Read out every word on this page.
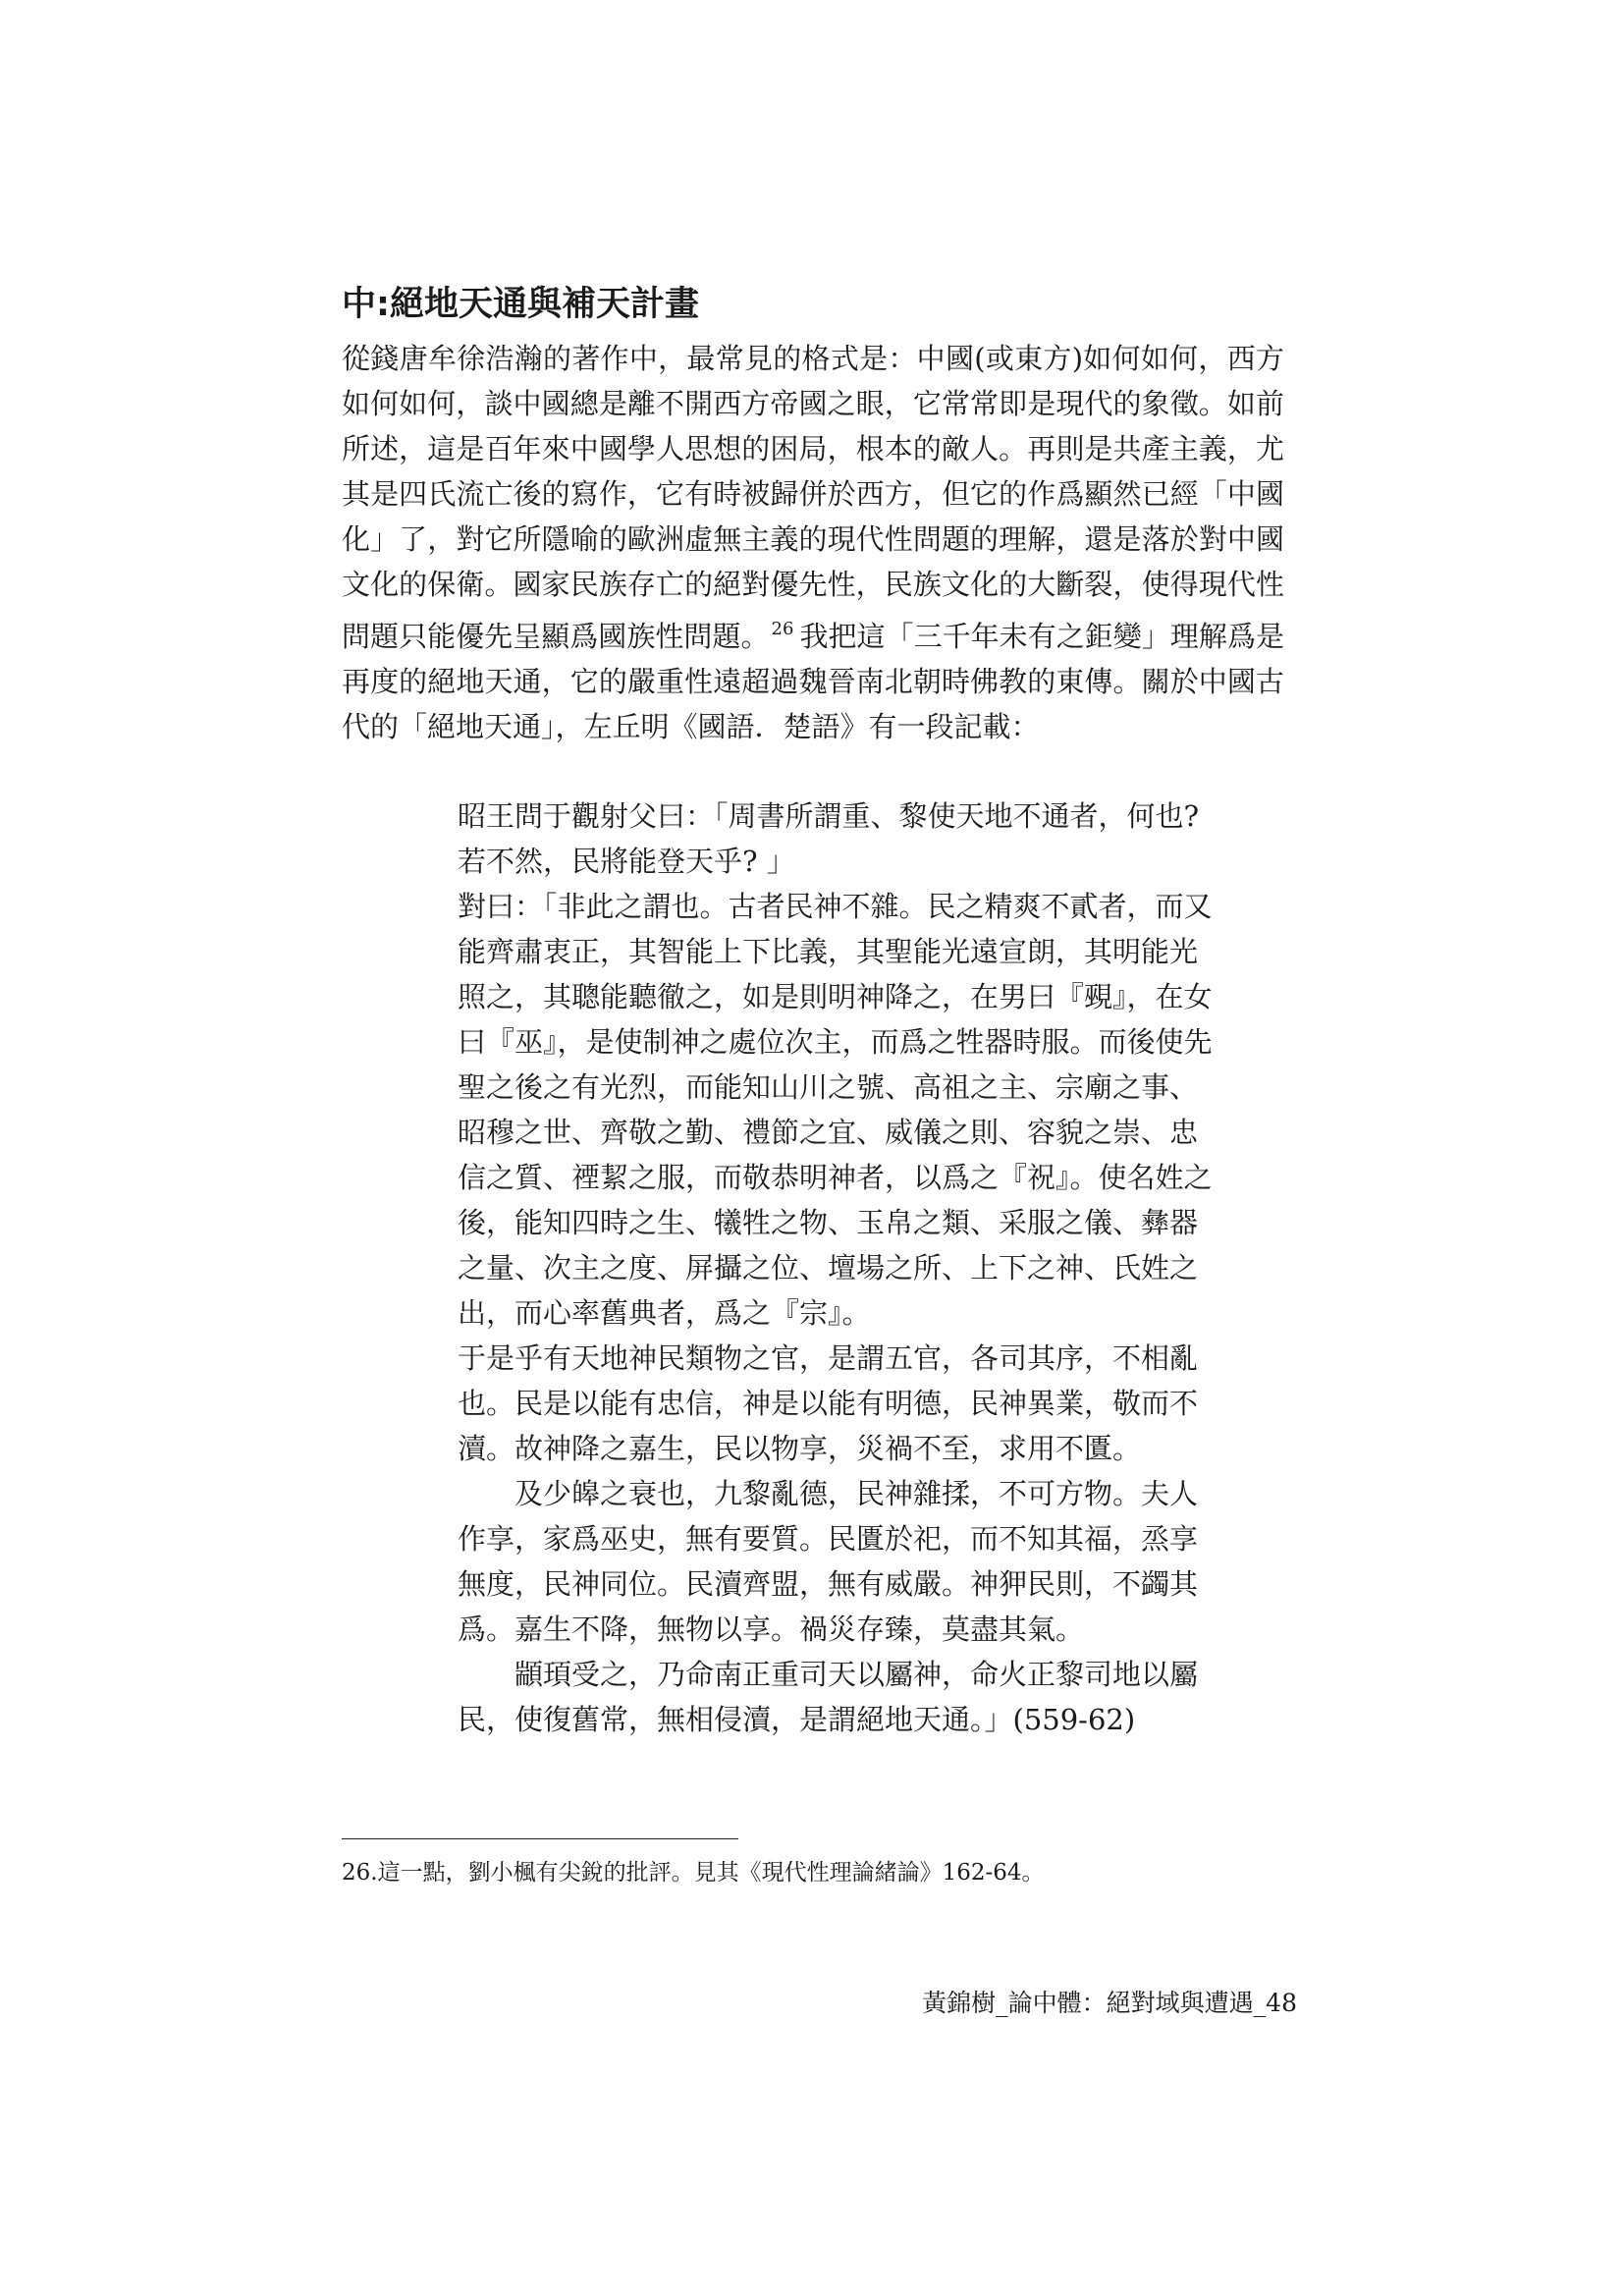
中:絕地天通與補天計畫

從錢唐牟徐浩瀚的著作中，最常見的格式是：中國(或東方)如何如何，西方如何如何，談中國總是離不開西方帝國之眼，它常常即是現代的象徵。如前所述，這是百年來中國學人思想的困局，根本的敵人。再則是共產主義，尤其是四氏流亡後的寫作，它有時被歸併於西方，但它的作爲顯然已經「中國化」了，對它所隱喻的歐洲虛無主義的現代性問題的理解，還是落於對中國文化的保衛。國家民族存亡的絕對優先性，民族文化的大斷裂，使得現代性問題只能優先呈顯爲國族性問題。 $^{26}$ 我把這「三千年未有之鉅變」理解爲是再度的絕地天通，它的嚴重性遠超過魏晉南北朝時佛教的東傳。關於中國古代的「絕地天通」，左丘明《國語．楚語》有一段記載：

昭王問于觀射父曰：「周書所謂重、黎使天地不通者，何也?若不然，民將能登天乎? 」

對曰：「非此之謂也。古者民神不雜。民之精爽不貳者，而又能齊肅衷正，其智能上下比義，其聖能光遠宣朗，其明能光照之，其聰能聽徹之，如是則明神降之，在男曰『覡』，在女曰『巫』，是使制神之處位次主，而爲之牲器時服。而後使先聖之後之有光烈，而能知山川之號、高祖之主、宗廟之事、昭穆之世、齊敬之勤、禮節之宜、威儀之則、容貌之崇、忠信之質、禋絜之服，而敬恭明神者，以爲之『祝』。使名姓之後，能知四時之生、犧牲之物、玉帛之類、采服之儀、彝器之量、次主之度、屏攝之位、壇場之所、上下之神、氏姓之出，而心率舊典者，爲之『宗』。

于是乎有天地神民類物之官，是謂五官，各司其序，不相亂也。民是以能有忠信，神是以能有明德，民神異業，敬而不瀆。故神降之嘉生，民以物享，災禍不至，求用不匱。

及少皞之衰也，九黎亂德，民神雜揉，不可方物。夫人作享，家爲巫史，無有要質。民匱於祀，而不知其福，烝享無度，民神同位。民瀆齊盟，無有威嚴。神狎民則，不蠲其爲。嘉生不降，無物以享。禍災存臻，莫盡其氣。

顓頊受之，乃命南正重司天以屬神，命火正黎司地以屬民，使復舊常，無相侵瀆，是謂絕地天通。」(559-62)

26.這一點，劉小楓有尖銳的批評。見其《現代性理論緒論》162-64。

黃錦樹_論中體：絕對域與遭遇_48
